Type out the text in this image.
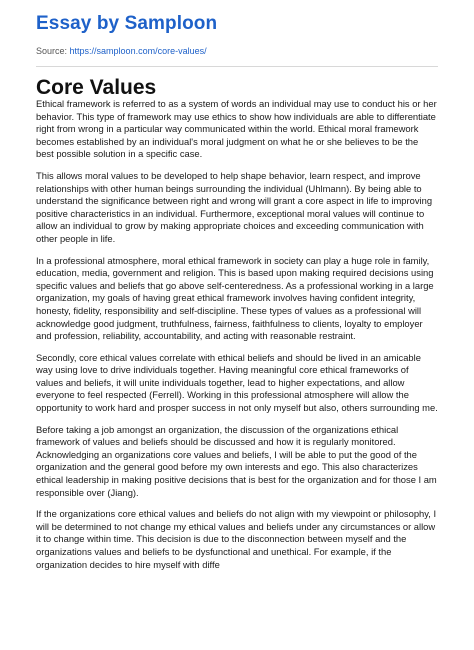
Essay by Samploon
Source: https://samploon.com/core-values/
Core Values

Ethical framework is referred to as a system of words an individual may use to conduct his or her behavior. This type of framework may use ethics to show how individuals are able to differentiate right from wrong in a particular way communicated within the world. Ethical moral framework becomes established by an individual's moral judgment on what he or she believes to be the best possible solution in a specific case.

This allows moral values to be developed to help shape behavior, learn respect, and improve relationships with other human beings surrounding the individual (Uhlmann). By being able to understand the significance between right and wrong will grant a core aspect in life to improving positive characteristics in an individual. Furthermore, exceptional moral values will continue to allow an individual to grow by making appropriate choices and exceeding communication with other people in life.

In a professional atmosphere, moral ethical framework in society can play a huge role in family, education, media, government and religion. This is based upon making required decisions using specific values and beliefs that go above self-centeredness. As a professional working in a large organization, my goals of having great ethical framework involves having confident integrity, honesty, fidelity, responsibility and self-discipline. These types of values as a professional will acknowledge good judgment, truthfulness, fairness, faithfulness to clients, loyalty to employer and profession, reliability, accountability, and acting with reasonable restraint.

Secondly, core ethical values correlate with ethical beliefs and should be lived in an amicable way using love to drive individuals together. Having meaningful core ethical frameworks of values and beliefs, it will unite individuals together, lead to higher expectations, and allow everyone to feel respected (Ferrell). Working in this professional atmosphere will allow the opportunity to work hard and prosper success in not only myself but also, others surrounding me.

Before taking a job amongst an organization, the discussion of the organizations ethical framework of values and beliefs should be discussed and how it is regularly monitored. Acknowledging an organizations core values and beliefs, I will be able to put the good of the organization and the general good before my own interests and ego. This also characterizes ethical leadership in making positive decisions that is best for the organization and for those I am responsible over (Jiang).

If the organizations core ethical values and beliefs do not align with my viewpoint or philosophy, I will be determined to not change my ethical values and beliefs under any circumstances or allow it to change within time. This decision is due to the disconnection between myself and the organizations values and beliefs to be dysfunctional and unethical. For example, if the organization decides to hire myself with diffe
